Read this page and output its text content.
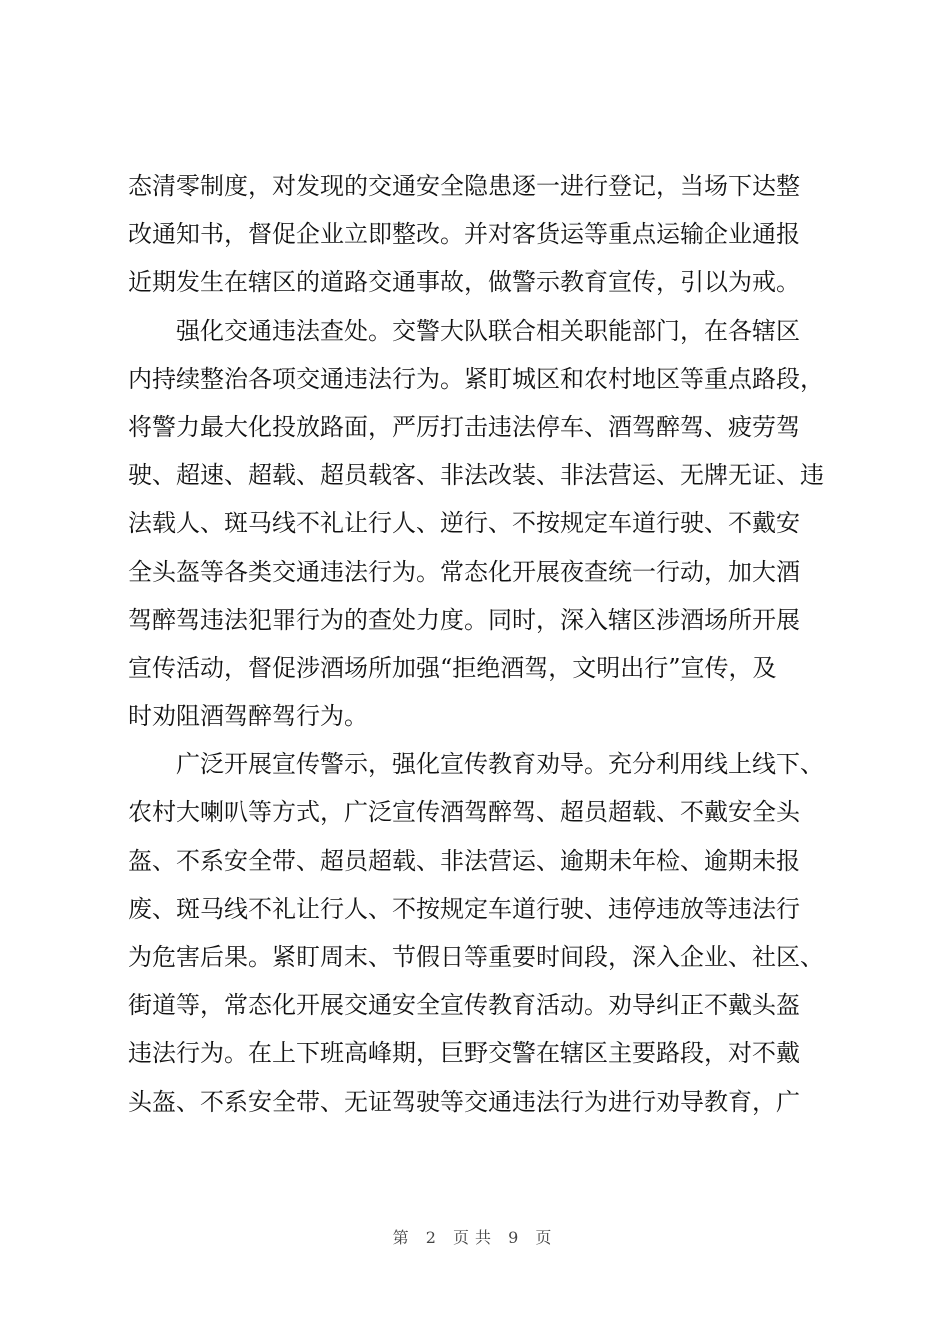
态清零制度，对发现的交通安全隐患逐一进行登记，当场下达整
改通知书，督促企业立即整改。并对客货运等重点运输企业通报
近期发生在辖区的道路交通事故，做警示教育宣传，引以为戒。
强化交通违法查处。交警大队联合相关职能部门，在各辖区
内持续整治各项交通违法行为。紧盯城区和农村地区等重点路段，
将警力最大化投放路面，严厉打击违法停车、酒驾醉驾、疲劳驾
驶、超速、超载、超员载客、非法改装、非法营运、无牌无证、违
法载人、斑马线不礼让行人、逆行、不按规定车道行驶、不戴安
全头盔等各类交通违法行为。常态化开展夜查统一行动，加大酒
驾醉驾违法犯罪行为的查处力度。同时，深入辖区涉酒场所开展
宣传活动，督促涉酒场所加强“拒绝酒驾，文明出行”宣传，及
时劝阻酒驾醉驾行为。
广泛开展宣传警示，强化宣传教育劝导。充分利用线上线下、
农村大喇叭等方式，广泛宣传酒驾醉驾、超员超载、不戴安全头
盔、不系安全带、超员超载、非法营运、逾期未年检、逾期未报
废、斑马线不礼让行人、不按规定车道行驶、违停违放等违法行
为危害后果。紧盯周末、节假日等重要时间段，深入企业、社区、
街道等，常态化开展交通安全宣传教育活动。劝导纠正不戴头盔
违法行为。在上下班高峰期，巨野交警在辖区主要路段，对不戴
头盔、不系安全带、无证驾驶等交通违法行为进行劝导教育，广
第 2 页共 9 页
